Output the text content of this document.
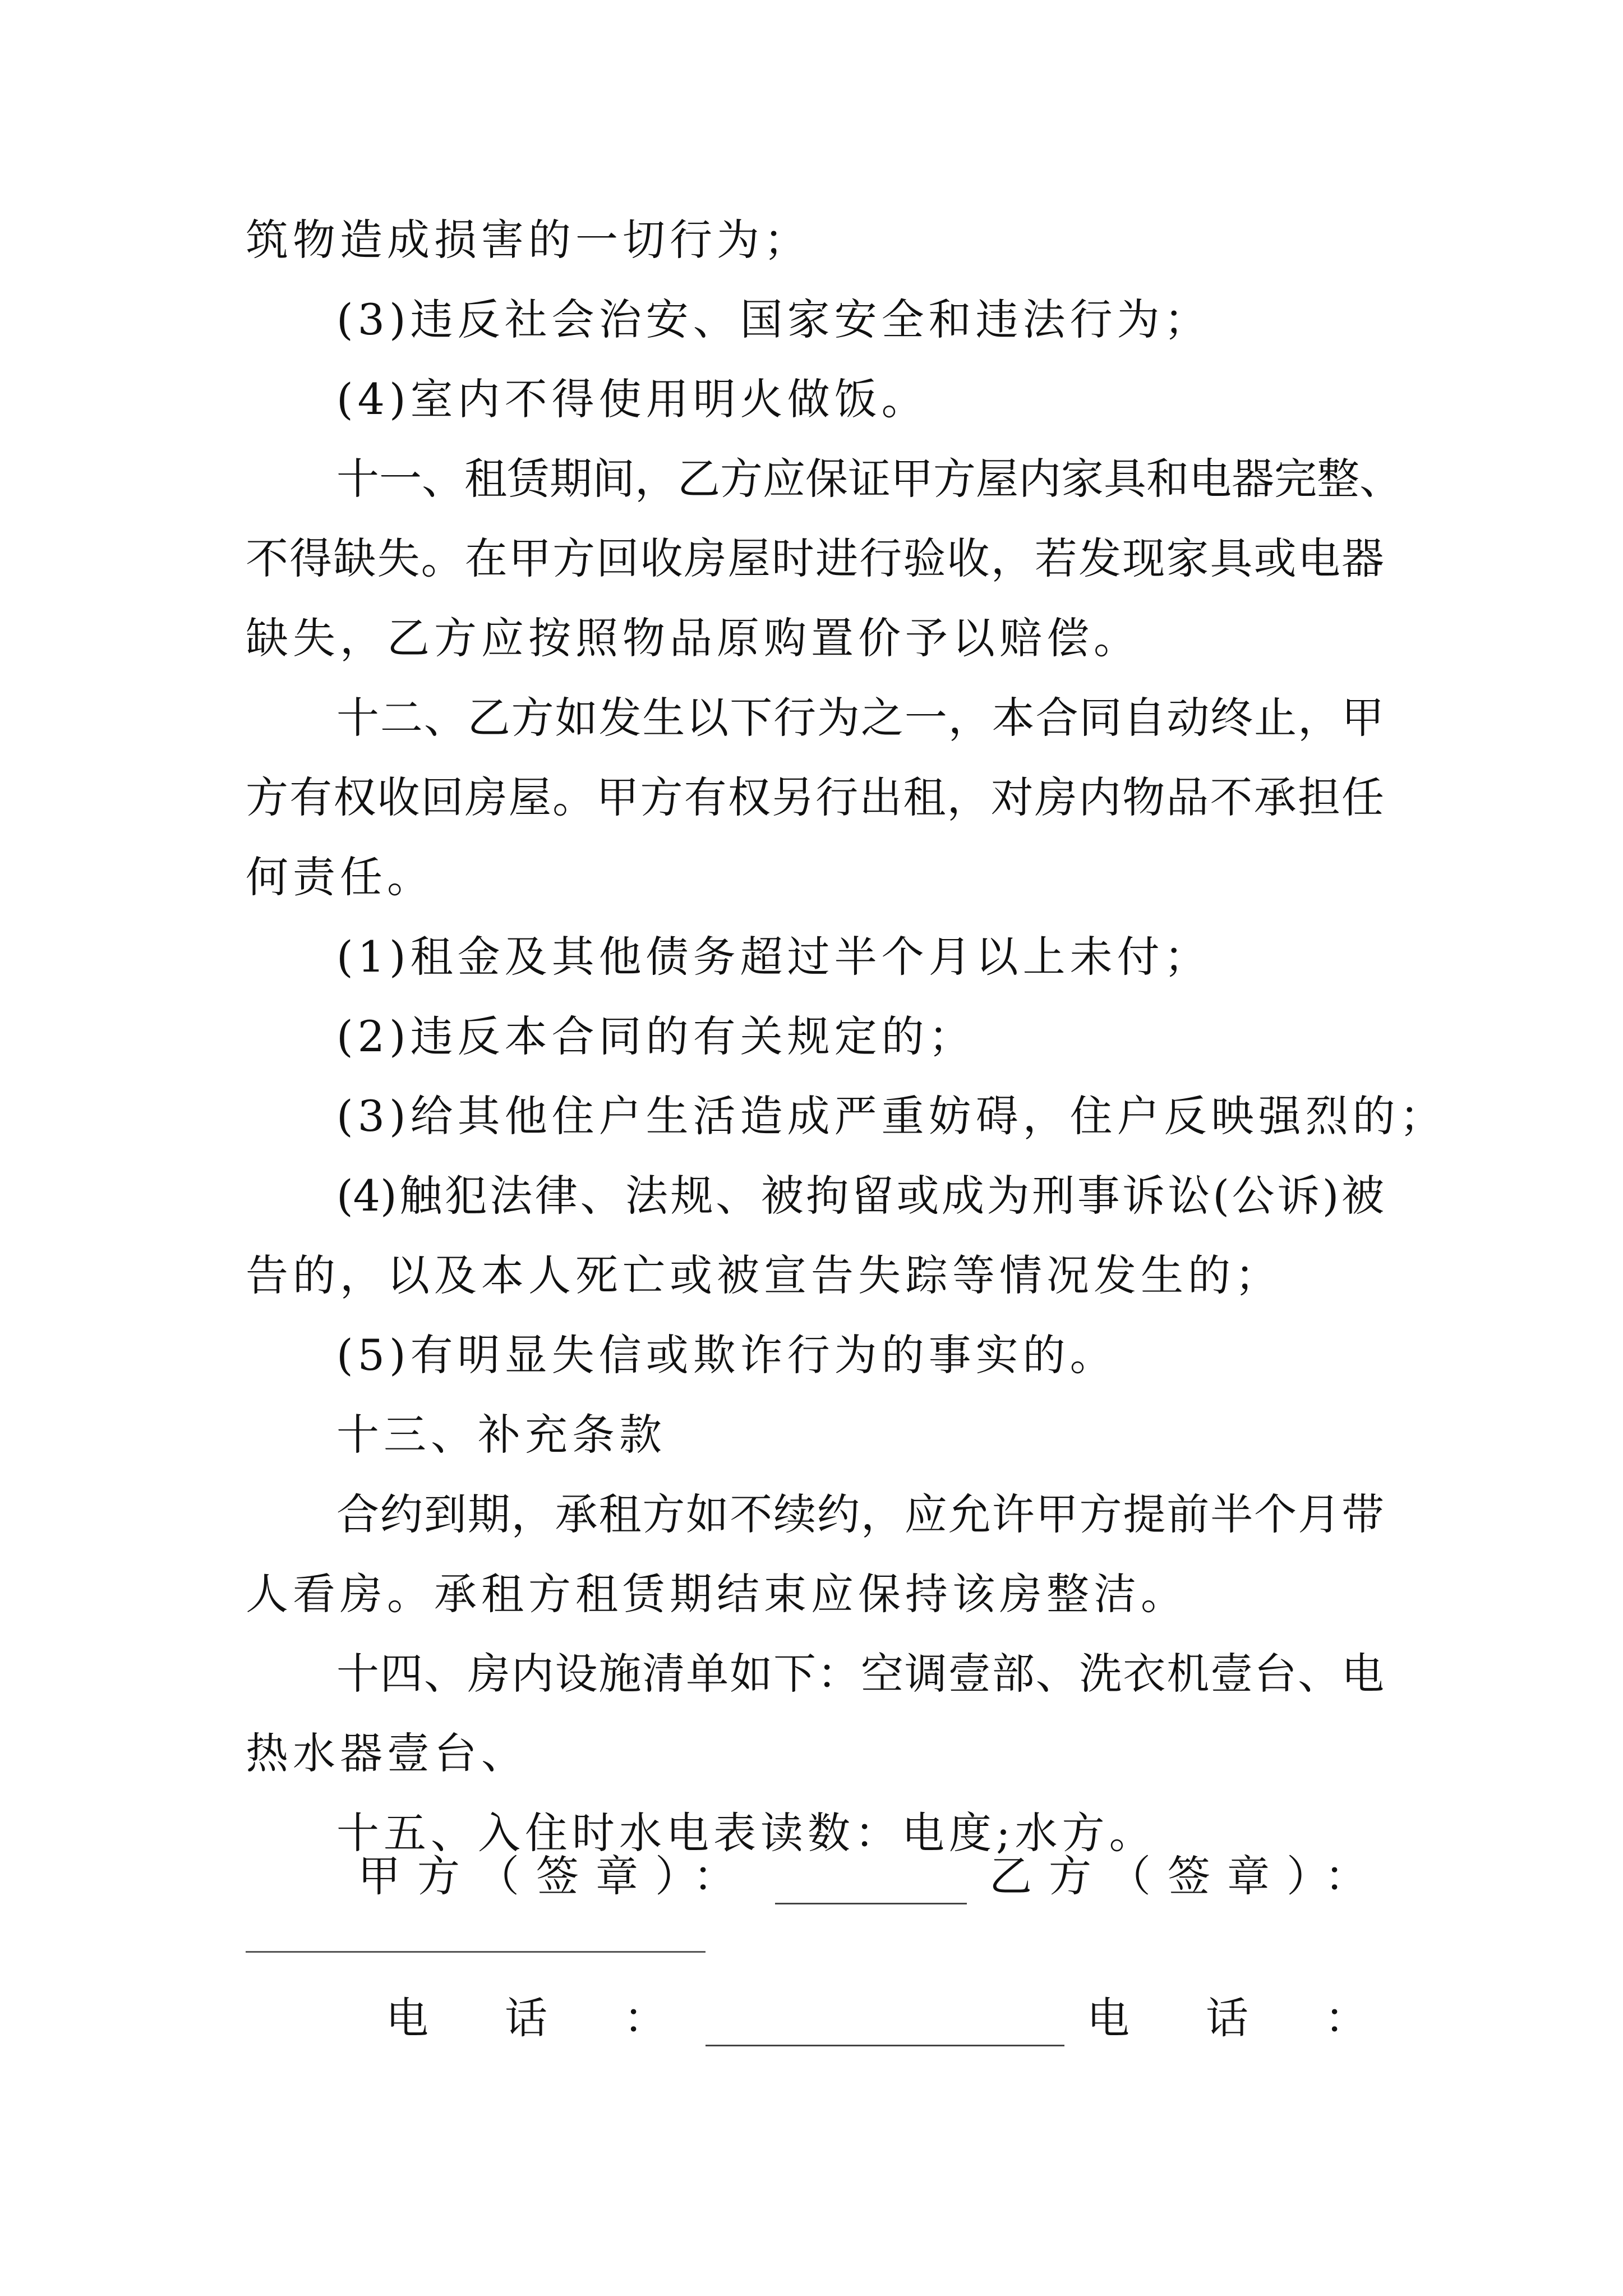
筑物造成损害的一切行为；
(3)违反社会治安、国家安全和违法行为；
(4)室内不得使用明火做饭。
十一、租赁期间，乙方应保证甲方屋内家具和电器完整、
不得缺失。在甲方回收房屋时进行验收，若发现家具或电器
缺失，乙方应按照物品原购置价予以赔偿。
十二、乙方如发生以下行为之一，本合同自动终止，甲
方有权收回房屋。甲方有权另行出租，对房内物品不承担任
何责任。
(1)租金及其他债务超过半个月以上未付；
(2)违反本合同的有关规定的；
(3)给其他住户生活造成严重妨碍，住户反映强烈的；
(4)触犯法律、法规、被拘留或成为刑事诉讼(公诉)被
告的，以及本人死亡或被宣告失踪等情况发生的；
(5)有明显失信或欺诈行为的事实的。
十三、补充条款
合约到期，承租方如不续约，应允许甲方提前半个月带
人看房。承租方租赁期结束应保持该房整洁。
十四、房内设施清单如下：空调壹部、洗衣机壹台、电
热水器壹台、
十五、入住时水电表读数：电度;水方。
甲方（签章）：	乙方（签章）：
电　话　：	电　话　：
